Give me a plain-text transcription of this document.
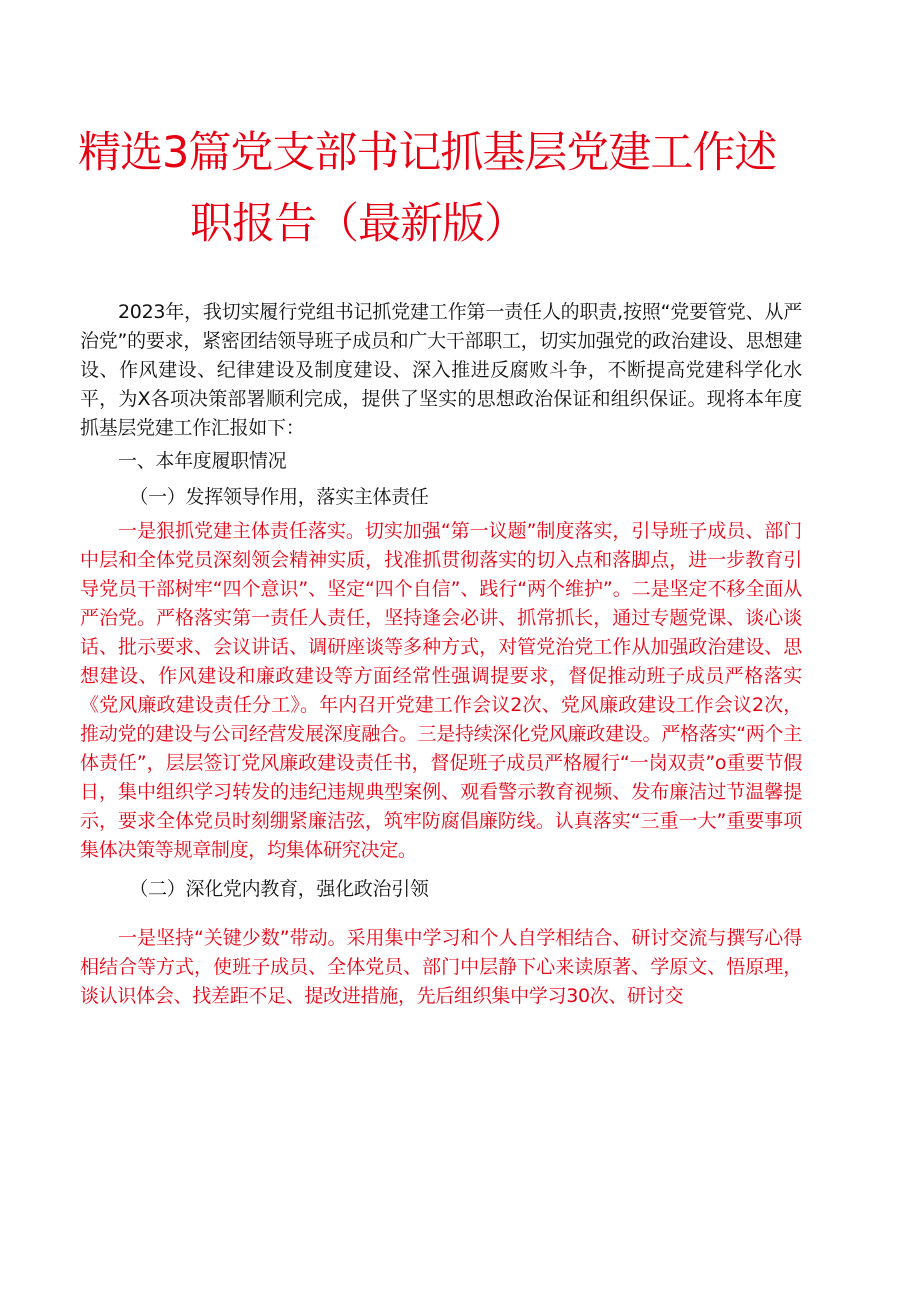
精选3篇党支部书记抓基层党建工作述
职报告（最新版）

2023年，我切实履行党组书记抓党建工作第一责任人的职责,按照“党要管党、从严治党”的要求，紧密团结领导班子成员和广大干部职工，切实加强党的政治建设、思想建设、作风建设、纪律建设及制度建设、深入推进反腐败斗争，不断提高党建科学化水平，为X各项决策部署顺利完成，提供了坚实的思想政治保证和组织保证。现将本年度抓基层党建工作汇报如下：

一、本年度履职情况

（一）发挥领导作用，落实主体责任

一是狠抓党建主体责任落实。切实加强“第一议题”制度落实，引导班子成员、部门中层和全体党员深刻领会精神实质，找准抓贯彻落实的切入点和落脚点，进一步教育引导党员干部树牢“四个意识”、坚定“四个自信”、践行“两个维护”。二是坚定不移全面从严治党。严格落实第一责任人责任，坚持逢会必讲、抓常抓长，通过专题党课、谈心谈话、批示要求、会议讲话、调研座谈等多种方式，对管党治党工作从加强政治建设、思想建设、作风建设和廉政建设等方面经常性强调提要求，督促推动班子成员严格落实《党风廉政建设责任分工》。年内召开党建工作会议2次、党风廉政建设工作会议2次，推动党的建设与公司经营发展深度融合。三是持续深化党风廉政建设。严格落实“两个主体责任”，层层签订党风廉政建设责任书，督促班子成员严格履行“一岗双责”o重要节假日，集中组织学习转发的违纪违规典型案例、观看警示教育视频、发布廉洁过节温馨提示，要求全体党员时刻绷紧廉洁弦，筑牢防腐倡廉防线。认真落实“三重一大”重要事项集体决策等规章制度，均集体研究决定。

（二）深化党内教育，强化政治引领

一是坚持“关键少数”带动。采用集中学习和个人自学相结合、研讨交流与撰写心得相结合等方式，使班子成员、全体党员、部门中层静下心来读原著、学原文、悟原理，谈认识体会、找差距不足、提改进措施，先后组织集中学习30次、研讨交
